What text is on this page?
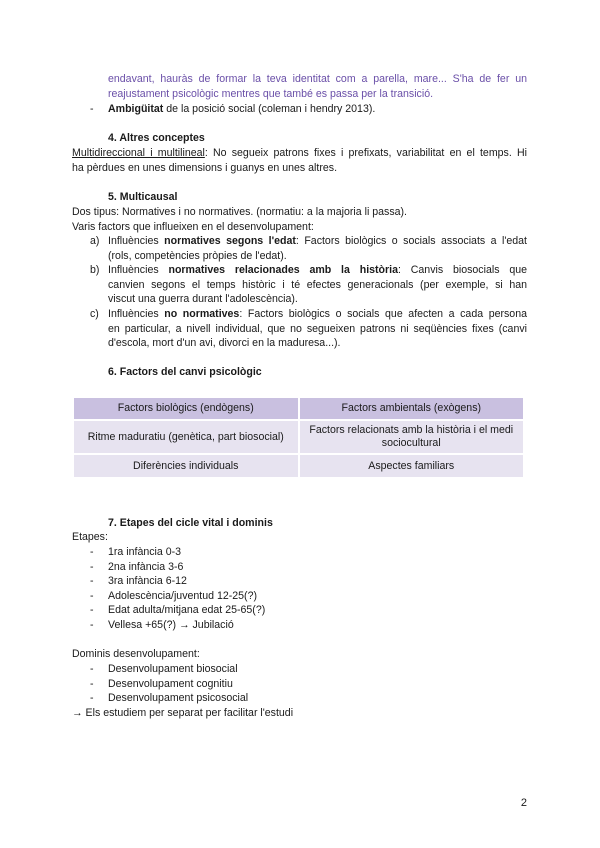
endavant, hauràs de formar la teva identitat com a parella, mare... S'ha de fer un
reajustament psicològic mentres que també es passa per la transició.
- Ambigüitat de la posició social (coleman i hendry 2013).
4. Altres conceptes
Multidireccional i multilineal: No segueix patrons fixes i prefixats, variabilitat en el temps. Hi
ha pèrdues en unes dimensions i guanys en unes altres.
5. Multicausal
Dos tipus: Normatives i no normatives. (normatiu: a la majoria li passa).
Varis factors que influeixen en el desenvolupament:
a) Influències normatives segons l'edat: Factors biològics o socials associats a l'edat
(rols, competències pròpies de l'edat).
b) Influències normatives relacionades amb la història: Canvis biosocials que
canvien segons el temps històric i té efectes generacionals (per exemple, si han
viscut una guerra durant l'adolescència).
c) Influències no normatives: Factors biològics o socials que afecten a cada persona
en particular, a nivell individual, que no segueixen patrons ni seqüències fixes (canvi
d'escola, mort d'un avi, divorci en la maduresa...).
6. Factors del canvi psicològic
Factors biològics (endògens)	Factors ambientals (exògens)
Ritme maduratiu (genètica, part biosocial)	Factors relacionats amb la història i el medi sociocultural
Diferències individuals	Aspectes familiars
7. Etapes del cicle vital i dominis
Etapes:
-	1ra infància 0-3
-	2na infància 3-6
-	3ra infància 6-12
-	Adolescència/juventud 12-25(?)
-	Edat adulta/mitjana edat 25-65(?)
-	Vellesa +65(?) → Jubilació
Dominis desenvolupament:
-	Desenvolupament biosocial
-	Desenvolupament cognitiu
-	Desenvolupament psicosocial
→ Els estudiem per separat per facilitar l'estudi
2
